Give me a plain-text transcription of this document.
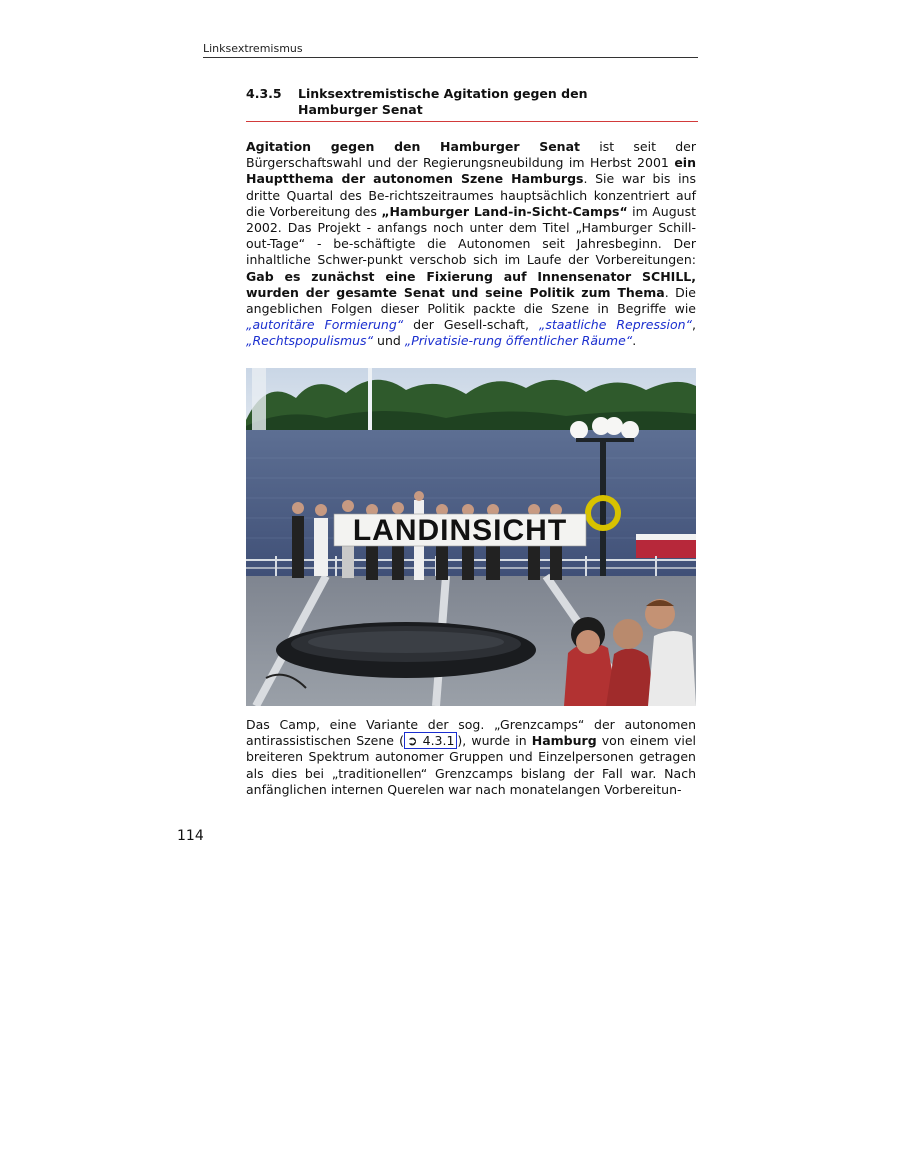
Linksextremismus
4.3.5 Linksextremistische Agitation gegen den
Hamburger Senat
Agitation gegen den Hamburger Senat ist seit der Bürgerschaftswahl und der Regierungsneubildung im Herbst 2001 ein Hauptthema der autonomen Szene Hamburgs. Sie war bis ins dritte Quartal des Be-richtszeitraumes hauptsächlich konzentriert auf die Vorbereitung des „Hamburger Land-in-Sicht-Camps“ im August 2002. Das Projekt - anfangs noch unter dem Titel „Hamburger Schill-out-Tage“ - be-schäftigte die Autonomen seit Jahresbeginn. Der inhaltliche Schwer-punkt verschob sich im Laufe der Vorbereitungen: Gab es zunächst eine Fixierung auf Innensenator SCHILL, wurden der gesamte Senat und seine Politik zum Thema. Die angeblichen Folgen dieser Politik packte die Szene in Begriffe wie „autoritäre Formierung“ der Gesell-schaft, „staatliche Repression“, „Rechtspopulismus“ und „Privatisie-rung öffentlicher Räume“.
LANDINSICHT
Das Camp, eine Variante der sog. „Grenzcamps“ der autonomen antirassistischen Szene ( ➲ 4.3.1 ), wurde in Hamburg von einem viel breiteren Spektrum autonomer Gruppen und Einzelpersonen getragen als dies bei „traditionellen“ Grenzcamps bislang der Fall war. Nach anfänglichen internen Querelen war nach monatelangen Vorbereitun-
114
